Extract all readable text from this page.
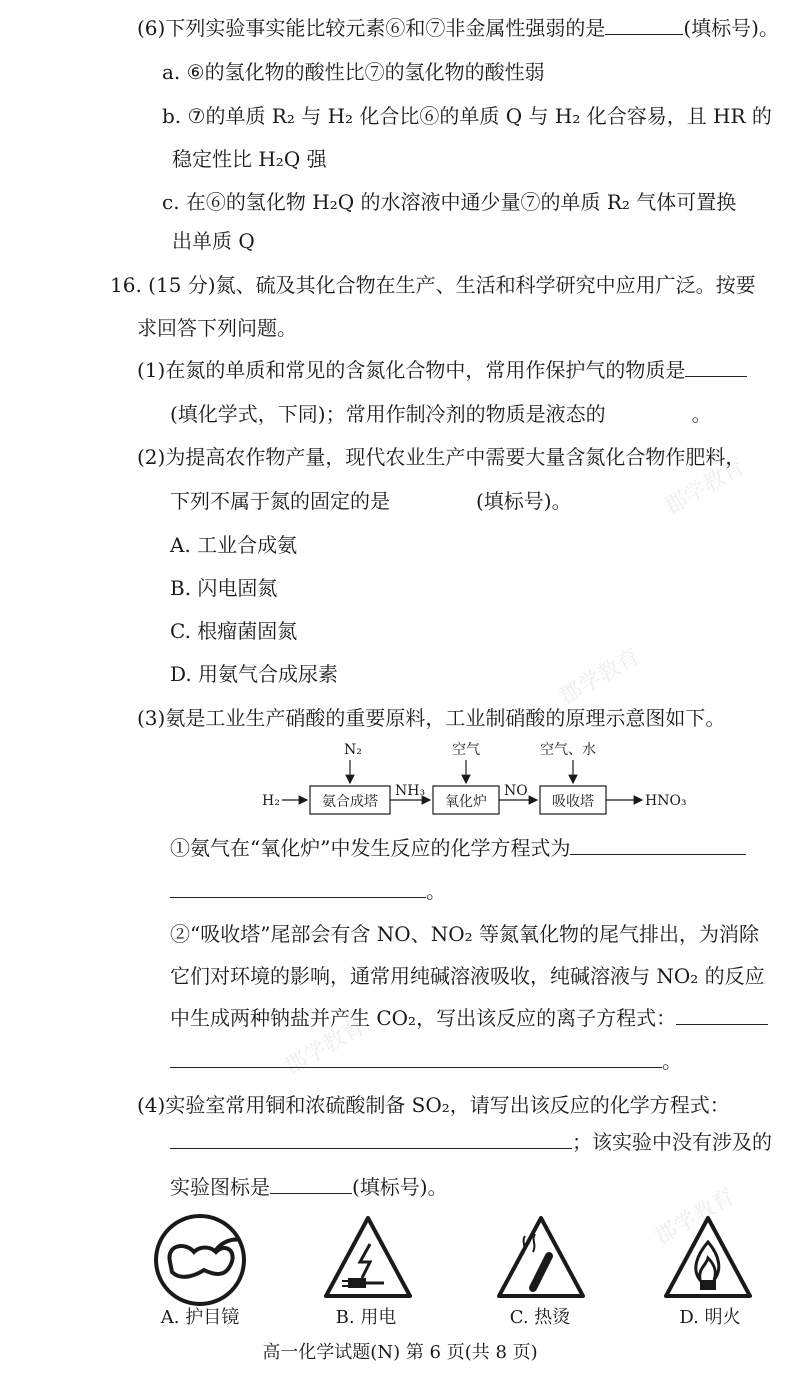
郡学教育
郡学教育
郡学教育
郡学教育
(6)下列实验事实能比较元素⑥和⑦非金属性强弱的是	(填标号)。
a. ⑥的氢化物的酸性比⑦的氢化物的酸性弱
b. ⑦的单质 R₂ 与 H₂ 化合比⑥的单质 Q 与 H₂ 化合容易，且 HR 的
稳定性比 H₂Q 强
c. 在⑥的氢化物 H₂Q 的水溶液中通少量⑦的单质 R₂ 气体可置换
出单质 Q
16. (15 分)氮、硫及其化合物在生产、生活和科学研究中应用广泛。按要
求回答下列问题。
(1)在氮的单质和常见的含氮化合物中，常用作保护气的物质是
(填化学式，下同)；常用作制冷剂的物质是液态的	。
(2)为提高农作物产量，现代农业生产中需要大量含氮化合物作肥料，
下列不属于氮的固定的是	(填标号)。
A. 工业合成氨
B. 闪电固氮
C. 根瘤菌固氮
D. 用氨气合成尿素
(3)氨是工业生产硝酸的重要原料，工业制硝酸的原理示意图如下。
H₂	氨合成塔
N₂
NH₃
氧化炉
空气
NO
吸收塔
空气、水
HNO₃
①氨气在“氧化炉”中发生反应的化学方程式为
。
②“吸收塔”尾部会有含 NO、NO₂ 等氮氧化物的尾气排出，为消除
它们对环境的影响，通常用纯碱溶液吸收，纯碱溶液与 NO₂ 的反应
中生成两种钠盐并产生 CO₂，写出该反应的离子方程式：
。
(4)实验室常用铜和浓硫酸制备 SO₂，请写出该反应的化学方程式：
；该实验中没有涉及的
实验图标是	(填标号)。
A. 护目镜	B. 用电	C. 热烫	D. 明火
高一化学试题(N) 第 6 页(共 8 页)
